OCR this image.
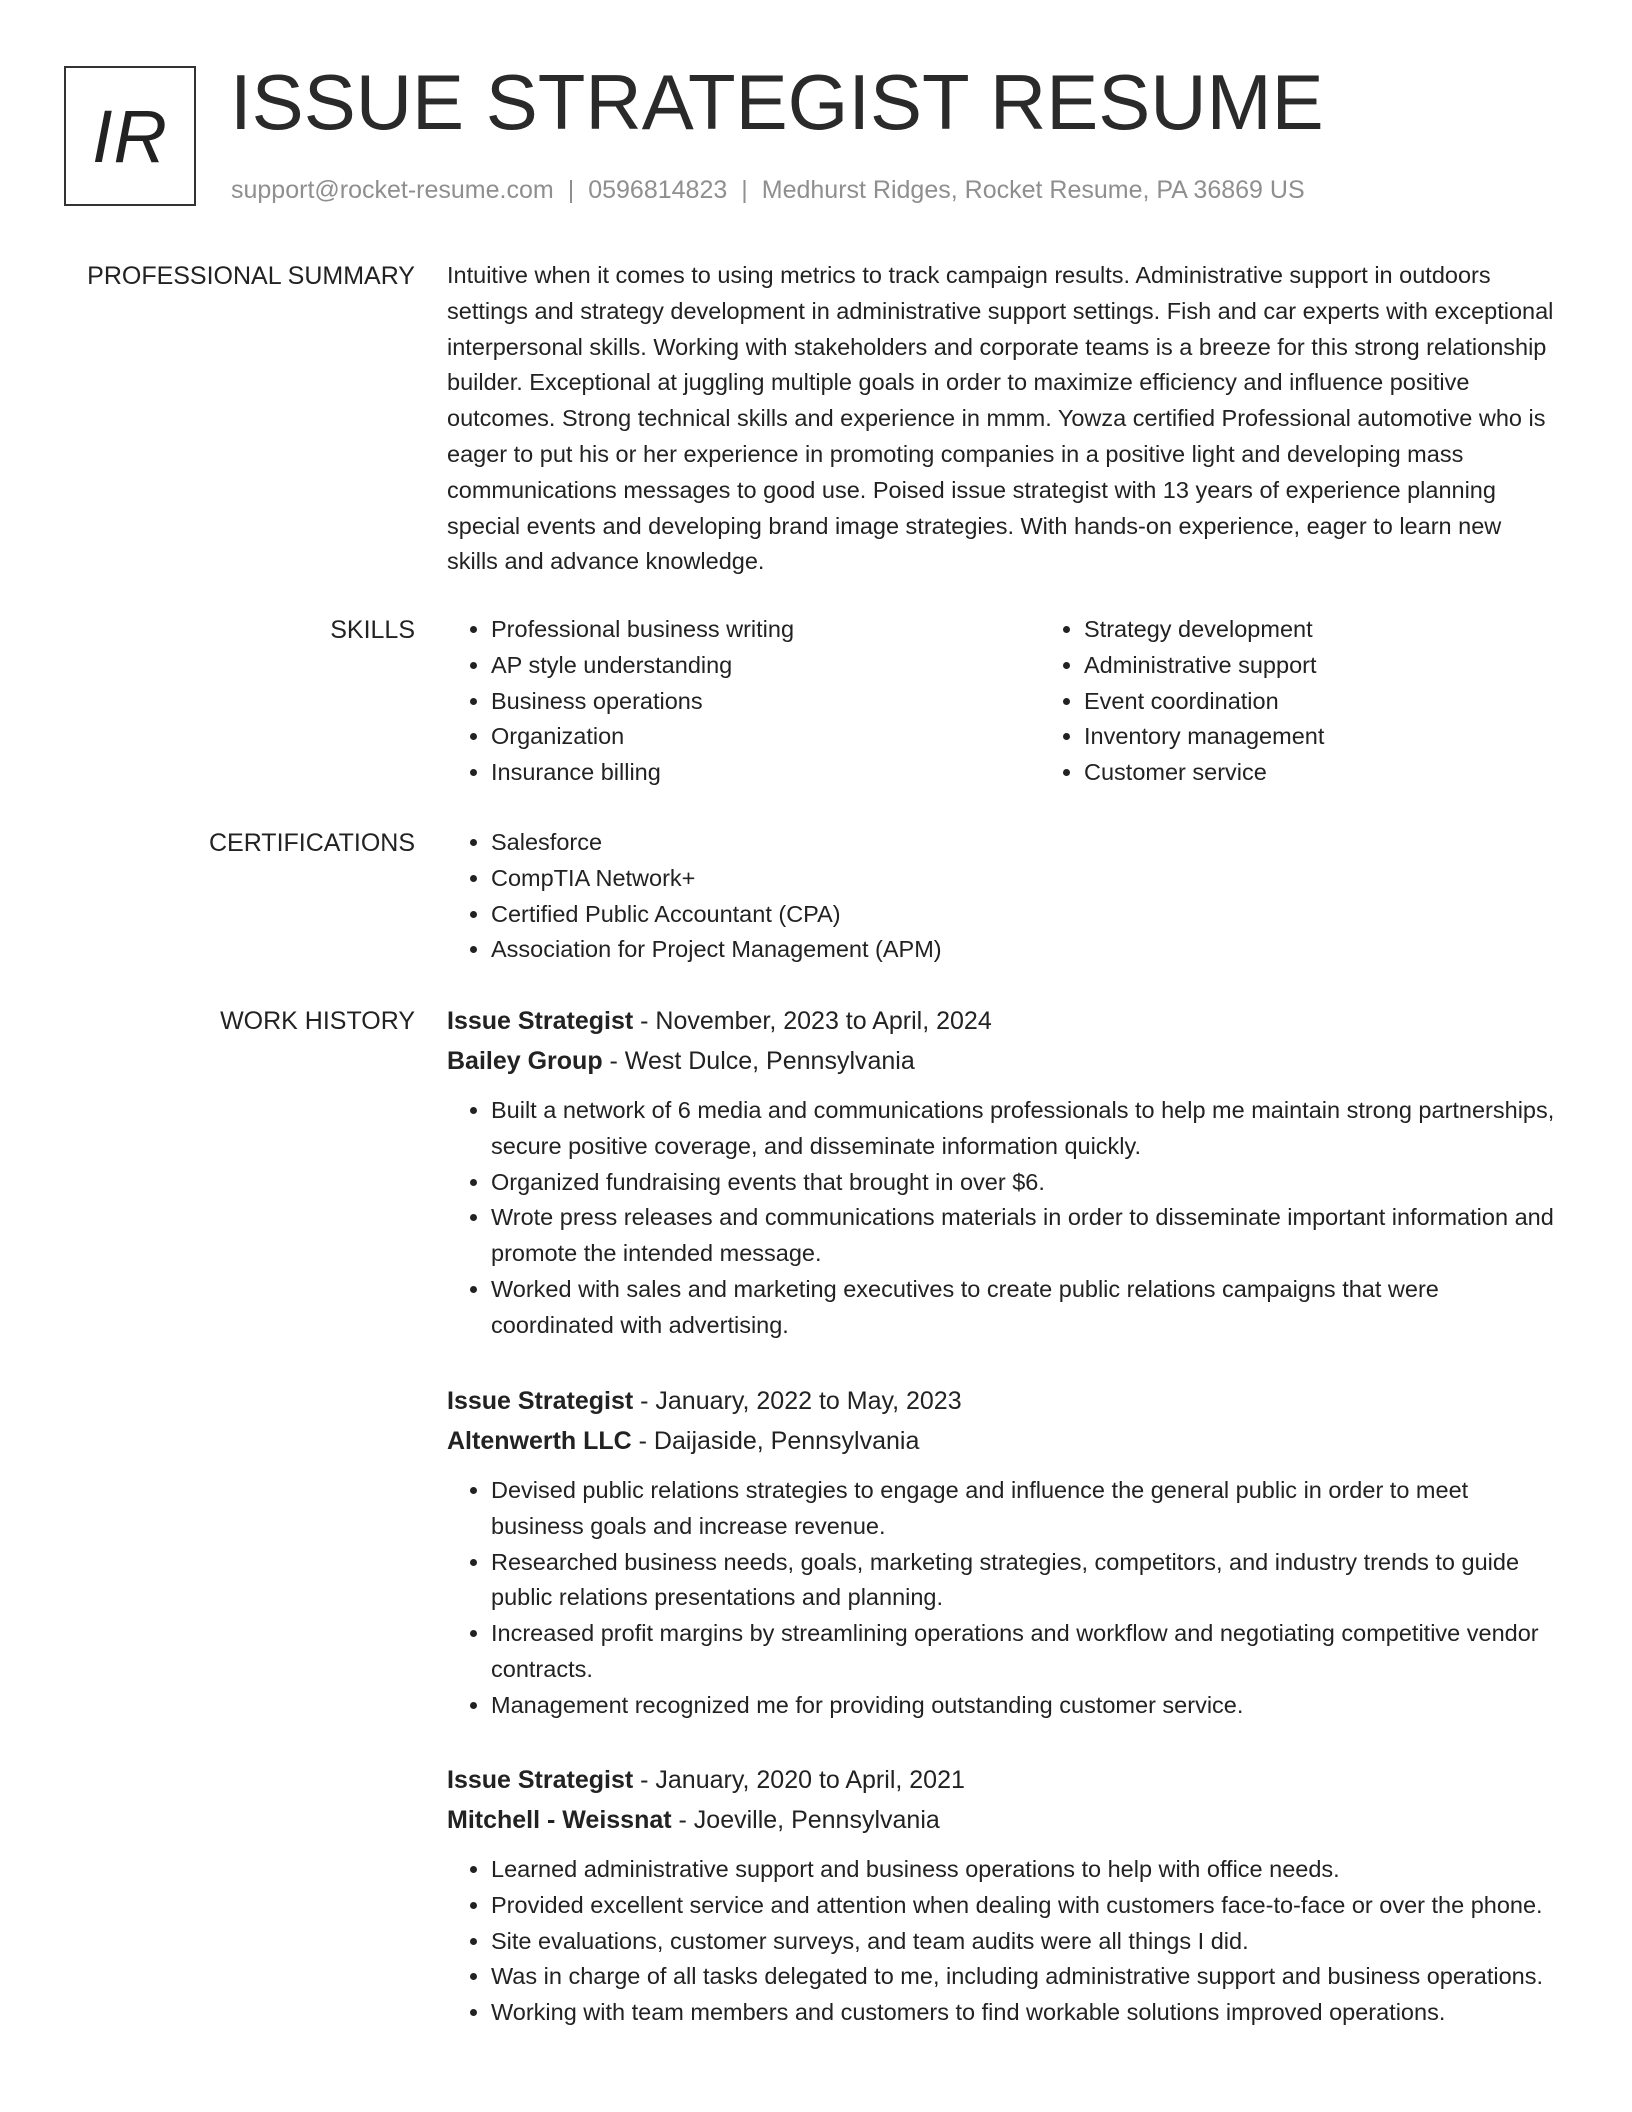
IR ISSUE STRATEGIST RESUME
support@rocket-resume.com | 0596814823 | Medhurst Ridges, Rocket Resume, PA 36869 US
PROFESSIONAL SUMMARY Intuitive when it comes to using metrics to track campaign results. Administrative support in outdoors settings and strategy development in administrative support settings. Fish and car experts with exceptional interpersonal skills. Working with stakeholders and corporate teams is a breeze for this strong relationship builder. Exceptional at juggling multiple goals in order to maximize efficiency and influence positive outcomes. Strong technical skills and experience in mmm. Yowza certified Professional automotive who is eager to put his or her experience in promoting companies in a positive light and developing mass communications messages to good use. Poised issue strategist with 13 years of experience planning special events and developing brand image strategies. With hands-on experience, eager to learn new skills and advance knowledge.

SKILLS	• Professional business writing
• AP style understanding
• Business operations
• Organization
• Insurance billing
• Strategy development
• Administrative support
• Event coordination
• Inventory management
• Customer service
CERTIFICATIONS	• Salesforce
• CompTIA Network+
• Certified Public Accountant (CPA)
• Association for Project Management (APM)
WORK HISTORY Issue Strategist - November, 2023 to April, 2024
Bailey Group - West Dulce, Pennsylvania
• Built a network of 6 media and communications professionals to help me maintain strong partnerships, secure positive coverage, and disseminate information quickly.
• Organized fundraising events that brought in over $6.
• Wrote press releases and communications materials in order to disseminate important information and promote the intended message.
• Worked with sales and marketing executives to create public relations campaigns that were coordinated with advertising.
Issue Strategist - January, 2022 to May, 2023
Altenwerth LLC - Daijaside, Pennsylvania
• Devised public relations strategies to engage and influence the general public in order to meet business goals and increase revenue.
• Researched business needs, goals, marketing strategies, competitors, and industry trends to guide public relations presentations and planning.
• Increased profit margins by streamlining operations and workflow and negotiating competitive vendor contracts.
• Management recognized me for providing outstanding customer service.
Issue Strategist - January, 2020 to April, 2021
Mitchell - Weissnat - Joeville, Pennsylvania
• Learned administrative support and business operations to help with office needs.
• Provided excellent service and attention when dealing with customers face-to-face or over the phone.
• Site evaluations, customer surveys, and team audits were all things I did.
• Was in charge of all tasks delegated to me, including administrative support and business operations.
• Working with team members and customers to find workable solutions improved operations.
